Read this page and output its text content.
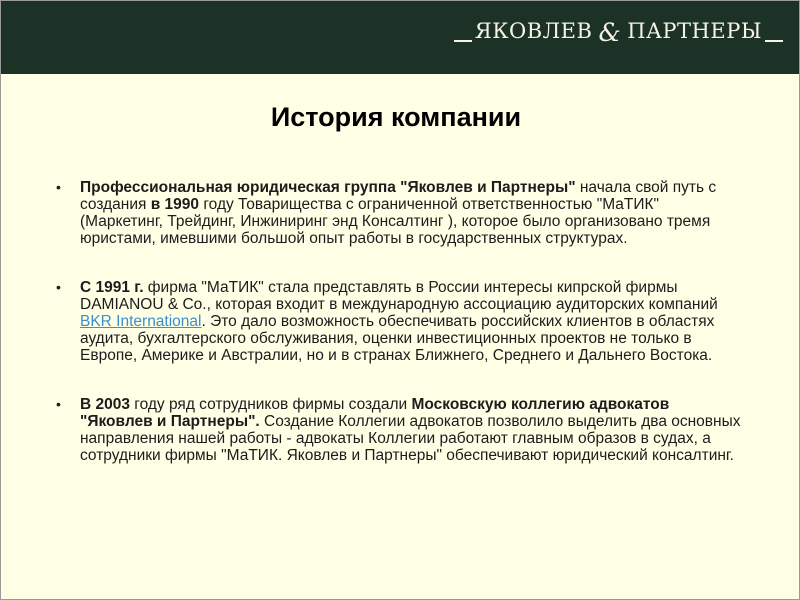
ЯКОВЛЕВ & ПАРТНЕРЫ
История компании
• Профессиональная юридическая группа "Яковлев и Партнеры" начала свой путь с создания в 1990 году Товарищества с ограниченной ответственностью "МаТИК" (Маркетинг, Трейдинг, Инжиниринг энд Консалтинг ), которое было организовано тремя юристами, имевшими большой опыт работы в государственных структурах.
• С 1991 г. фирма "МаТИК" стала представлять в России интересы кипрской фирмы DAMIANOU & Co., которая входит в международную ассоциацию аудиторских компаний BKR International. Это дало возможность обеспечивать российских клиентов в областях аудита, бухгалтерского обслуживания, оценки инвестиционных проектов не только в Европе, Америке и Австралии, но и в странах Ближнего, Среднего и Дальнего Востока.
• В 2003 году ряд сотрудников фирмы создали Московскую коллегию адвокатов "Яковлев и Партнеры". Создание Коллегии адвокатов позволило выделить два основных направления нашей работы - адвокаты Коллегии работают главным образов в судах, а сотрудники фирмы "МаТИК. Яковлев и Партнеры" обеспечивают юридический консалтинг.
